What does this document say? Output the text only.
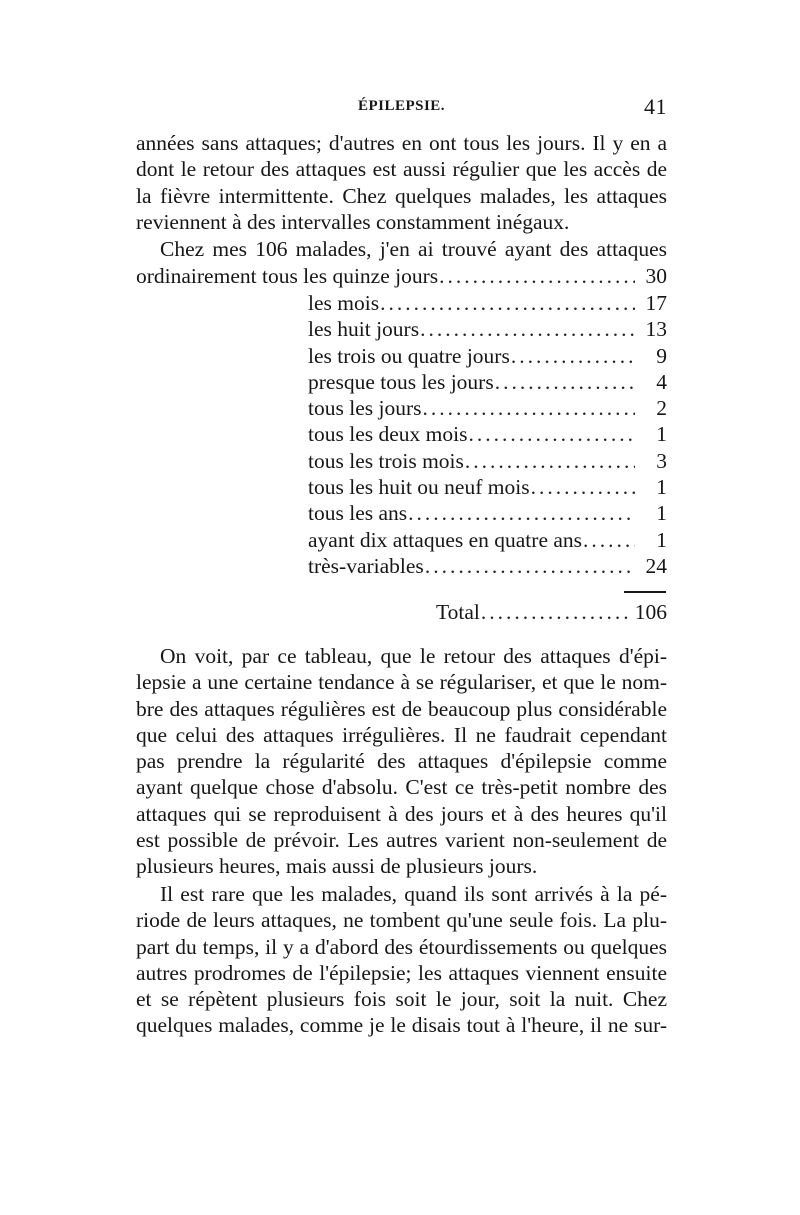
ÉPILEPSIE.	41
années sans attaques; d'autres en ont tous les jours. Il y en a
dont le retour des attaques est aussi régulier que les accès de
la fièvre intermittente. Chez quelques malades, les attaques
reviennent à des intervalles constamment inégaux.
Chez mes 106 malades, j'en ai trouvé ayant des attaques
ordinairement tous les quinze jours .....	30
les mois .....	17
les huit jours .....	13
les trois ou quatre jours .....	9
presque tous les jours .....	4
tous les jours .....	2
tous les deux mois .....	1
tous les trois mois .....	3
tous les huit ou neuf mois .....	1
tous les ans .....	1
ayant dix attaques en quatre ans .....	1
très-variables .....	24
Total .....	106
On voit, par ce tableau, que le retour des attaques d'épi-
lepsie a une certaine tendance à se régulariser, et que le nom-
bre des attaques régulières est de beaucoup plus considérable
que celui des attaques irrégulières. Il ne faudrait cependant
pas prendre la régularité des attaques d'épilepsie comme
ayant quelque chose d'absolu. C'est ce très-petit nombre des
attaques qui se reproduisent à des jours et à des heures qu'il
est possible de prévoir. Les autres varient non-seulement de
plusieurs heures, mais aussi de plusieurs jours.
Il est rare que les malades, quand ils sont arrivés à la pé-
riode de leurs attaques, ne tombent qu'une seule fois. La plu-
part du temps, il y a d'abord des étourdissements ou quelques
autres prodromes de l'épilepsie; les attaques viennent ensuite
et se répètent plusieurs fois soit le jour, soit la nuit. Chez
quelques malades, comme je le disais tout à l'heure, il ne sur-
